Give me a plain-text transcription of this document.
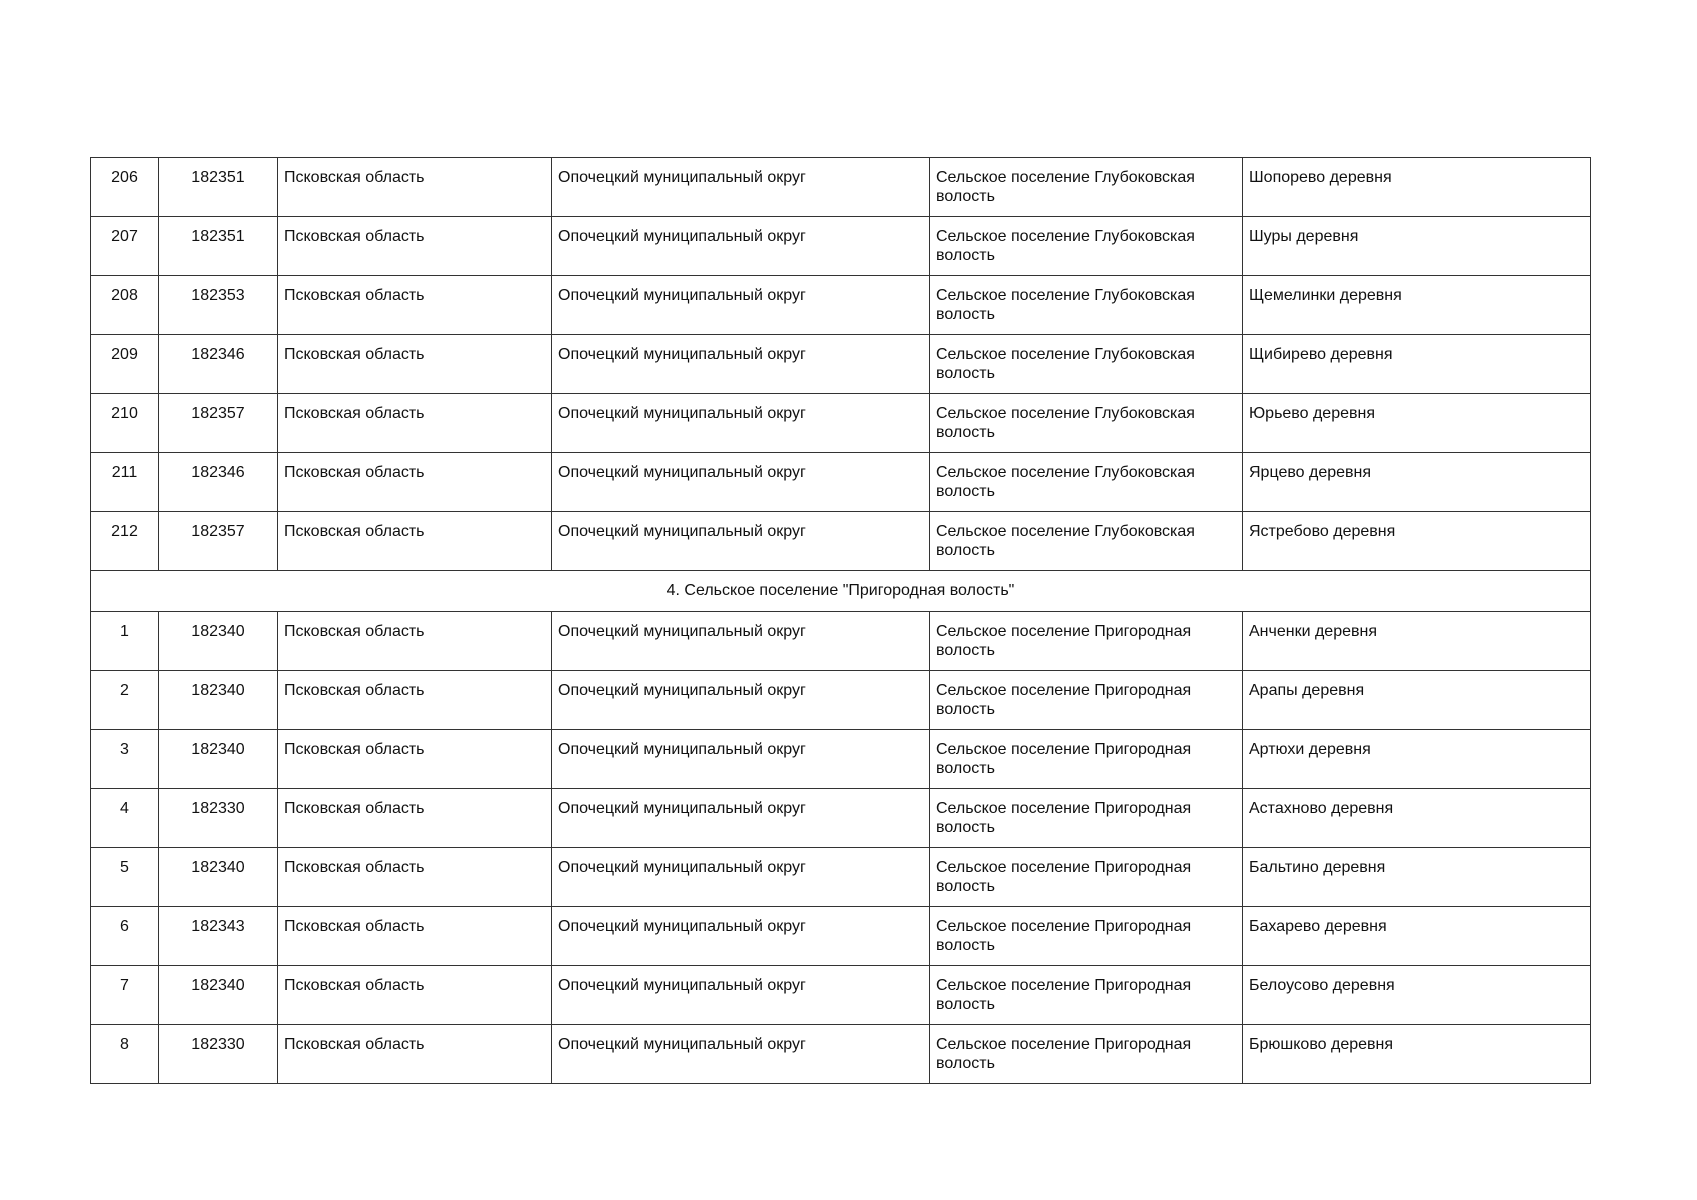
206	182351	Псковская область	Опочецкий муниципальный округ	Сельское поселение Глубоковская волость	Шопорево деревня
207	182351	Псковская область	Опочецкий муниципальный округ	Сельское поселение Глубоковская волость	Шуры деревня
208	182353	Псковская область	Опочецкий муниципальный округ	Сельское поселение Глубоковская волость	Щемелинки деревня
209	182346	Псковская область	Опочецкий муниципальный округ	Сельское поселение Глубоковская волость	Щибирево деревня
210	182357	Псковская область	Опочецкий муниципальный округ	Сельское поселение Глубоковская волость	Юрьево деревня
211	182346	Псковская область	Опочецкий муниципальный округ	Сельское поселение Глубоковская волость	Ярцево деревня
212	182357	Псковская область	Опочецкий муниципальный округ	Сельское поселение Глубоковская волость	Ястребово деревня
4. Сельское поселение "Пригородная волость"					
1	182340	Псковская область	Опочецкий муниципальный округ	Сельское поселение Пригородная волость	Анченки деревня
2	182340	Псковская область	Опочецкий муниципальный округ	Сельское поселение Пригородная волость	Арапы деревня
3	182340	Псковская область	Опочецкий муниципальный округ	Сельское поселение Пригородная волость	Артюхи деревня
4	182330	Псковская область	Опочецкий муниципальный округ	Сельское поселение Пригородная волость	Астахново деревня
5	182340	Псковская область	Опочецкий муниципальный округ	Сельское поселение Пригородная волость	Бальтино деревня
6	182343	Псковская область	Опочецкий муниципальный округ	Сельское поселение Пригородная волость	Бахарево деревня
7	182340	Псковская область	Опочецкий муниципальный округ	Сельское поселение Пригородная волость	Белоусово деревня
8	182330	Псковская область	Опочецкий муниципальный округ	Сельское поселение Пригородная волость	Брюшково деревня
